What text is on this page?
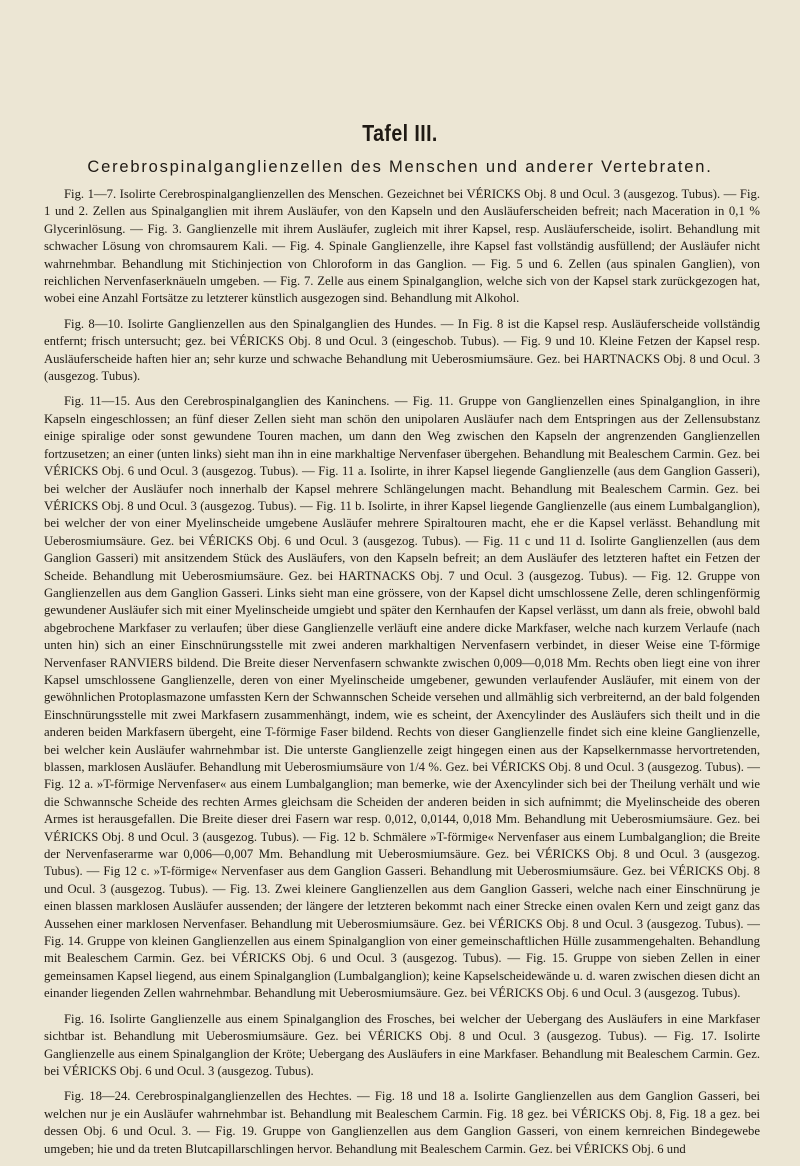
Tafel III.
Cerebrospinalganglienzellen des Menschen und anderer Vertebraten.

Fig. 1—7. Isolirte Cerebrospinalganglienzellen des Menschen. Gezeichnet bei VÉRICKS Obj. 8 und Ocul. 3 (ausgezog. Tubus). — Fig. 1 und 2. Zellen aus Spinalganglien mit ihrem Ausläufer, von den Kapseln und den Ausläuferscheiden befreit; nach Maceration in 0,1 % Glycerinlösung. — Fig. 3. Ganglienzelle mit ihrem Ausläufer, zugleich mit ihrer Kapsel, resp. Ausläuferscheide, isolirt. Behandlung mit schwacher Lösung von chromsaurem Kali. — Fig. 4. Spinale Ganglienzelle, ihre Kapsel fast vollständig ausfüllend; der Ausläufer nicht wahrnehmbar. Behandlung mit Stichinjection von Chloroform in das Ganglion. — Fig. 5 und 6. Zellen (aus spinalen Ganglien), von reichlichen Nervenfaserknäueln umgeben. — Fig. 7. Zelle aus einem Spinalganglion, welche sich von der Kapsel stark zurückgezogen hat, wobei eine Anzahl Fortsätze zu letzterer künstlich ausgezogen sind. Behandlung mit Alkohol.

Fig. 8—10. Isolirte Ganglienzellen aus den Spinalganglien des Hundes. — In Fig. 8 ist die Kapsel resp. Ausläuferscheide vollständig entfernt; frisch untersucht; gez. bei VÉRICKS Obj. 8 und Ocul. 3 (eingeschob. Tubus). — Fig. 9 und 10. Kleine Fetzen der Kapsel resp. Ausläuferscheide haften hier an; sehr kurze und schwache Behandlung mit Ueberosmiumsäure. Gez. bei HARTNACKS Obj. 8 und Ocul. 3 (ausgezog. Tubus).

Fig. 11—15. Aus den Cerebrospinalganglien des Kaninchens. — Fig. 11. Gruppe von Ganglienzellen eines Spinalganglion, in ihre Kapseln eingeschlossen; an fünf dieser Zellen sieht man schön den unipolaren Ausläufer nach dem Entspringen aus der Zellensubstanz einige spiralige oder sonst gewundene Touren machen, um dann den Weg zwischen den Kapseln der angrenzenden Ganglienzellen fortzusetzen; an einer (unten links) sieht man ihn in eine markhaltige Nervenfaser übergehen. Behandlung mit Bealeschem Carmin. Gez. bei VÉRICKS Obj. 6 und Ocul. 3 (ausgezog. Tubus). — Fig. 11 a. Isolirte, in ihrer Kapsel liegende Ganglienzelle (aus dem Ganglion Gasseri), bei welcher der Ausläufer noch innerhalb der Kapsel mehrere Schlängelungen macht. Behandlung mit Bealeschem Carmin. Gez. bei VÉRICKS Obj. 8 und Ocul. 3 (ausgezog. Tubus). — Fig. 11 b. Isolirte, in ihrer Kapsel liegende Ganglienzelle (aus einem Lumbalganglion), bei welcher der von einer Myelinscheide umgebene Ausläufer mehrere Spiraltouren macht, ehe er die Kapsel verlässt. Behandlung mit Ueberosmiumsäure. Gez. bei VÉRICKS Obj. 6 und Ocul. 3 (ausgezog. Tubus). — Fig. 11 c und 11 d. Isolirte Ganglienzellen (aus dem Ganglion Gasseri) mit ansitzendem Stück des Ausläufers, von den Kapseln befreit; an dem Ausläufer des letzteren haftet ein Fetzen der Scheide. Behandlung mit Ueberosmiumsäure. Gez. bei HARTNACKS Obj. 7 und Ocul. 3 (ausgezog. Tubus). — Fig. 12. Gruppe von Ganglienzellen aus dem Ganglion Gasseri. Links sieht man eine grössere, von der Kapsel dicht umschlossene Zelle, deren schlingenförmig gewundener Ausläufer sich mit einer Myelinscheide umgiebt und später den Kernhaufen der Kapsel verlässt, um dann als freie, obwohl bald abgebrochene Markfaser zu verlaufen; über diese Ganglienzelle verläuft eine andere dicke Markfaser, welche nach kurzem Verlaufe (nach unten hin) sich an einer Einschnürungsstelle mit zwei anderen markhaltigen Nervenfasern verbindet, in dieser Weise eine T-förmige Nervenfaser RANVIERS bildend. Die Breite dieser Nervenfasern schwankte zwischen 0,009—0,018 Mm. Rechts oben liegt eine von ihrer Kapsel umschlossene Ganglienzelle, deren von einer Myelinscheide umgebener, gewunden verlaufender Ausläufer, mit einem von der gewöhnlichen Protoplasmazone umfassten Kern der Schwannschen Scheide versehen und allmählig sich verbreiternd, an der bald folgenden Einschnürungsstelle mit zwei Markfasern zusammenhängt, indem, wie es scheint, der Axencylinder des Ausläufers sich theilt und in die anderen beiden Markfasern übergeht, eine T-förmige Faser bildend. Rechts von dieser Ganglienzelle findet sich eine kleine Ganglienzelle, bei welcher kein Ausläufer wahrnehmbar ist. Die unterste Ganglienzelle zeigt hingegen einen aus der Kapselkernmasse hervortretenden, blassen, marklosen Ausläufer. Behandlung mit Ueberosmiumsäure von 1/4 %. Gez. bei VÉRICKS Obj. 8 und Ocul. 3 (ausgezog. Tubus). — Fig. 12 a. »T-förmige Nervenfaser« aus einem Lumbalganglion; man bemerke, wie der Axencylinder sich bei der Theilung verhält und wie die Schwannsche Scheide des rechten Armes gleichsam die Scheiden der anderen beiden in sich aufnimmt; die Myelinscheide des oberen Armes ist herausgefallen. Die Breite dieser drei Fasern war resp. 0,012, 0,0144, 0,018 Mm. Behandlung mit Ueberosmiumsäure. Gez. bei VÉRICKS Obj. 8 und Ocul. 3 (ausgezog. Tubus). — Fig. 12 b. Schmälere »T-förmige« Nervenfaser aus einem Lumbalganglion; die Breite der Nervenfaserarme war 0,006—0,007 Mm. Behandlung mit Ueberosmiumsäure. Gez. bei VÉRICKS Obj. 8 und Ocul. 3 (ausgezog. Tubus). — Fig 12 c. »T-förmige« Nervenfaser aus dem Ganglion Gasseri. Behandlung mit Ueberosmiumsäure. Gez. bei VÉRICKS Obj. 8 und Ocul. 3 (ausgezog. Tubus). — Fig. 13. Zwei kleinere Ganglienzellen aus dem Ganglion Gasseri, welche nach einer Einschnürung je einen blassen marklosen Ausläufer aussenden; der längere der letzteren bekommt nach einer Strecke einen ovalen Kern und zeigt ganz das Aussehen einer marklosen Nervenfaser. Behandlung mit Ueberosmiumsäure. Gez. bei VÉRICKS Obj. 8 und Ocul. 3 (ausgezog. Tubus). — Fig. 14. Gruppe von kleinen Ganglienzellen aus einem Spinalganglion von einer gemeinschaftlichen Hülle zusammengehalten. Behandlung mit Bealeschem Carmin. Gez. bei VÉRICKS Obj. 6 und Ocul. 3 (ausgezog. Tubus). — Fig. 15. Gruppe von sieben Zellen in einer gemeinsamen Kapsel liegend, aus einem Spinalganglion (Lumbalganglion); keine Kapselscheidewände u. d. waren zwischen diesen dicht an einander liegenden Zellen wahrnehmbar. Behandlung mit Ueberosmiumsäure. Gez. bei VÉRICKS Obj. 6 und Ocul. 3 (ausgezog. Tubus).

Fig. 16. Isolirte Ganglienzelle aus einem Spinalganglion des Frosches, bei welcher der Uebergang des Ausläufers in eine Markfaser sichtbar ist. Behandlung mit Ueberosmiumsäure. Gez. bei VÉRICKS Obj. 8 und Ocul. 3 (ausgezog. Tubus). — Fig. 17. Isolirte Ganglienzelle aus einem Spinalganglion der Kröte; Uebergang des Ausläufers in eine Markfaser. Behandlung mit Bealeschem Carmin. Gez. bei VÉRICKS Obj. 6 und Ocul. 3 (ausgezog. Tubus).

Fig. 18—24. Cerebrospinalganglienzellen des Hechtes. — Fig. 18 und 18 a. Isolirte Ganglienzellen aus dem Ganglion Gasseri, bei welchen nur je ein Ausläufer wahrnehmbar ist. Behandlung mit Bealeschem Carmin. Fig. 18 gez. bei VÉRICKS Obj. 8, Fig. 18 a gez. bei dessen Obj. 6 und Ocul. 3. — Fig. 19. Gruppe von Ganglienzellen aus dem Ganglion Gasseri, von einem kernreichen Bindegewebe umgeben; hie und da treten Blutcapillarschlingen hervor. Behandlung mit Bealeschem Carmin. Gez. bei VÉRICKS Obj. 6 und
